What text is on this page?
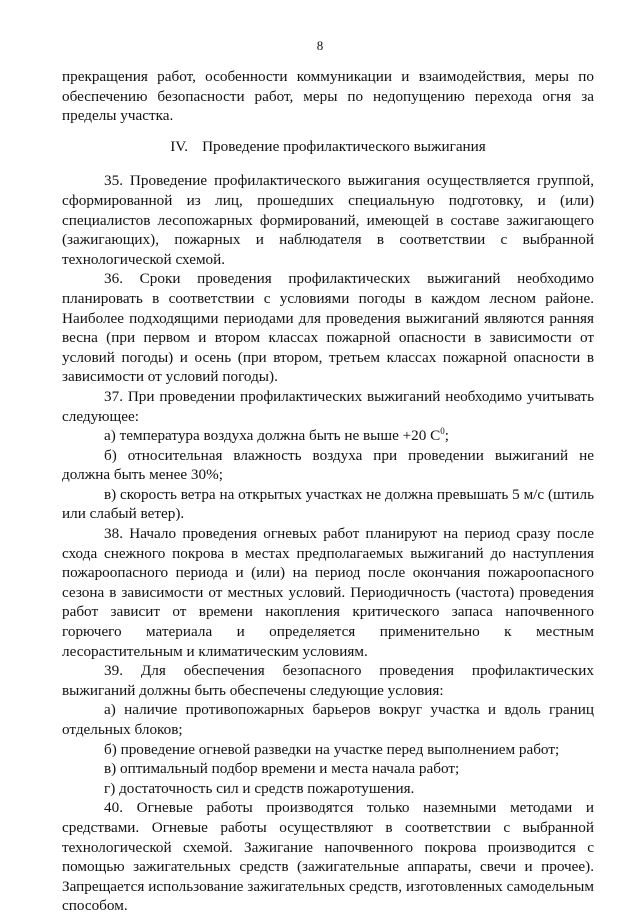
8

прекращения работ, особенности коммуникации и взаимодействия, меры по обеспечению безопасности работ, меры по недопущению перехода огня за пределы участка.

IV. Проведение профилактического выжигания

35. Проведение профилактического выжигания осуществляется группой, сформированной из лиц, прошедших специальную подготовку, и (или) специалистов лесопожарных формирований, имеющей в составе зажигающего (зажигающих), пожарных и наблюдателя в соответствии с выбранной технологической схемой.

36. Сроки проведения профилактических выжиганий необходимо планировать в соответствии с условиями погоды в каждом лесном районе. Наиболее подходящими периодами для проведения выжиганий являются ранняя весна (при первом и втором классах пожарной опасности в зависимости от условий погоды) и осень (при втором, третьем классах пожарной опасности в зависимости от условий погоды).

37. При проведении профилактических выжиганий необходимо учитывать следующее:

а) температура воздуха должна быть не выше +20 $С^0$;

б) относительная влажность воздуха при проведении выжиганий не должна быть менее 30%;

в) скорость ветра на открытых участках не должна превышать 5 м/с (штиль или слабый ветер).

38. Начало проведения огневых работ планируют на период сразу после схода снежного покрова в местах предполагаемых выжиганий до наступления пожароопасного периода и (или) на период после окончания пожароопасного сезона в зависимости от местных условий. Периодичность (частота) проведения работ зависит от времени накопления критического запаса напочвенного горючего материала и определяется применительно к местным лесорастительным и климатическим условиям.

39. Для обеспечения безопасного проведения профилактических выжиганий должны быть обеспечены следующие условия:

а) наличие противопожарных барьеров вокруг участка и вдоль границ отдельных блоков;

б) проведение огневой разведки на участке перед выполнением работ;

в) оптимальный подбор времени и места начала работ;

г) достаточность сил и средств пожаротушения.

40. Огневые работы производятся только наземными методами и средствами. Огневые работы осуществляют в соответствии с выбранной технологической схемой. Зажигание напочвенного покрова производится с помощью зажигательных средств (зажигательные аппараты, свечи и прочее). Запрещается использование зажигательных средств, изготовленных самодельным способом.
